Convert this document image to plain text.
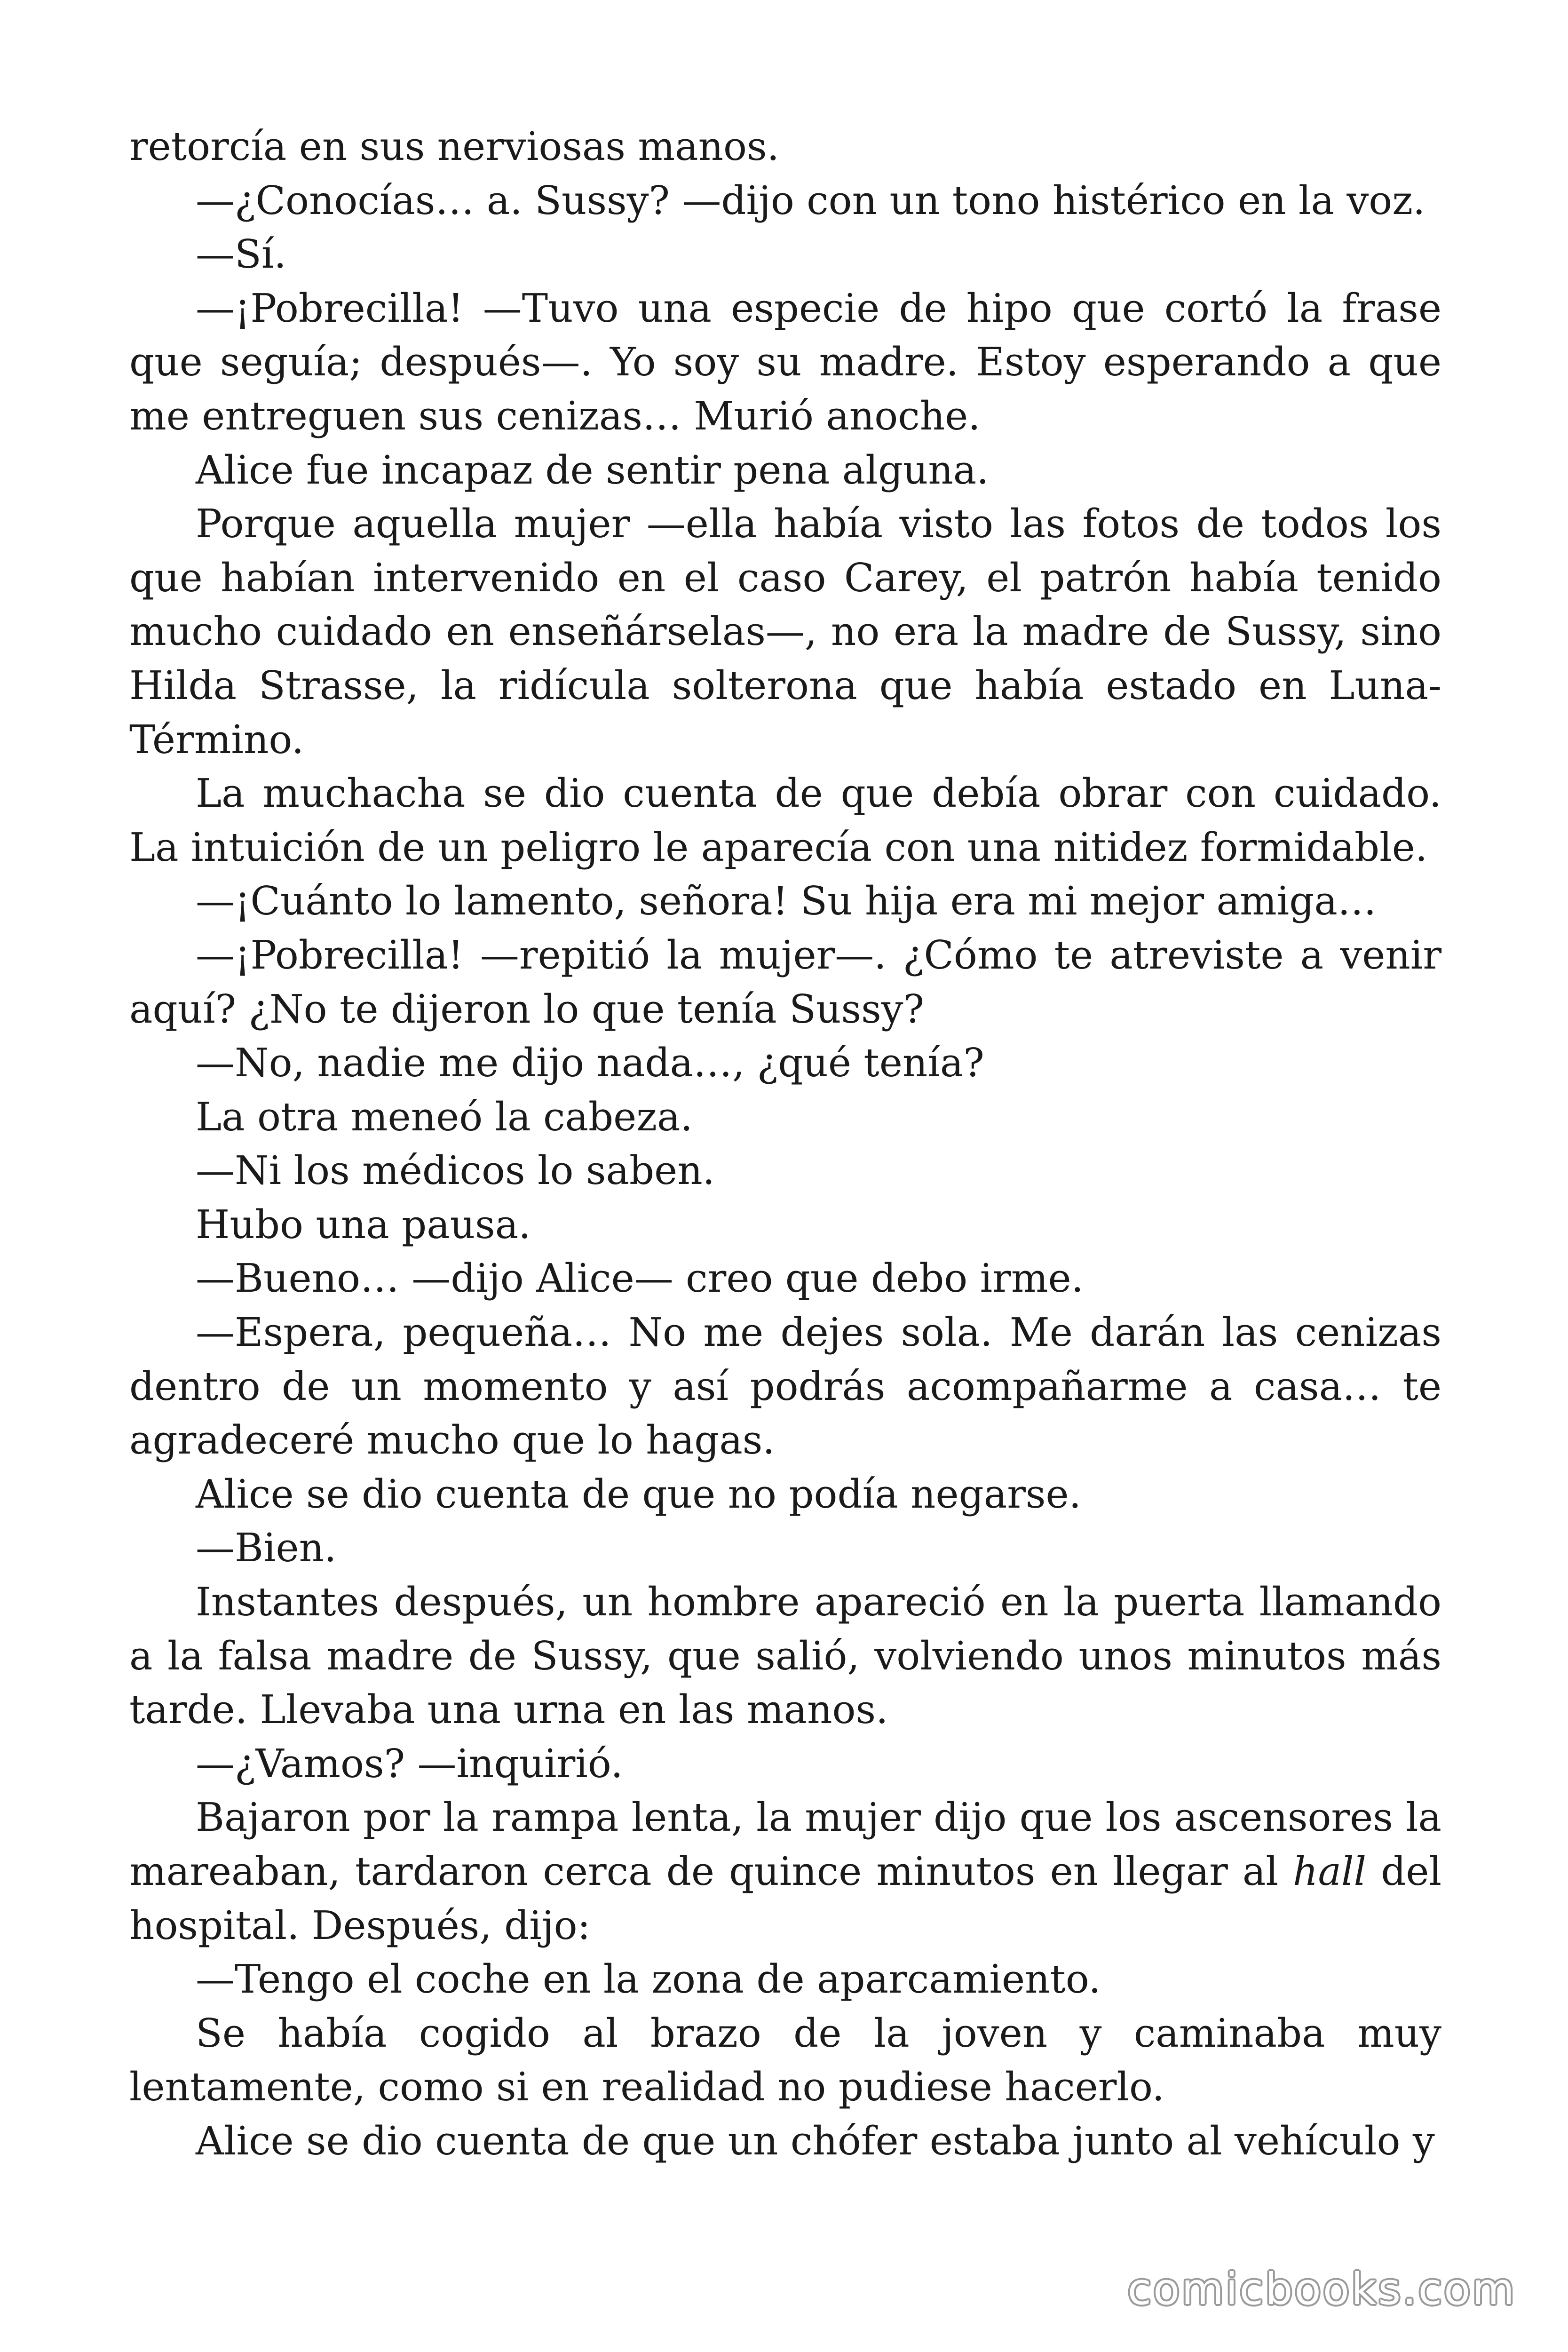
retorcía en sus nerviosas manos.

—¿Conocías… a. Sussy? —dijo con un tono histérico en la voz.

—Sí.

—¡Pobrecilla! —Tuvo una especie de hipo que cortó la frase que seguía; después—. Yo soy su madre. Estoy esperando a que me entreguen sus cenizas… Murió anoche.

Alice fue incapaz de sentir pena alguna.

Porque aquella mujer —ella había visto las fotos de todos los que habían intervenido en el caso Carey, el patrón había tenido mucho cuidado en enseñárselas—, no era la madre de Sussy, sino Hilda Strasse, la ridícula solterona que había estado en Luna-Término.

La muchacha se dio cuenta de que debía obrar con cuidado. La intuición de un peligro le aparecía con una nitidez formidable.

—¡Cuánto lo lamento, señora! Su hija era mi mejor amiga…

—¡Pobrecilla! —repitió la mujer—. ¿Cómo te atreviste a venir aquí? ¿No te dijeron lo que tenía Sussy?

—No, nadie me dijo nada…, ¿qué tenía?

La otra meneó la cabeza.

—Ni los médicos lo saben.

Hubo una pausa.

—Bueno… —dijo Alice— creo que debo irme.

—Espera, pequeña… No me dejes sola. Me darán las cenizas dentro de un momento y así podrás acompañarme a casa… te agradeceré mucho que lo hagas.

Alice se dio cuenta de que no podía negarse.

—Bien.

Instantes después, un hombre apareció en la puerta llamando a la falsa madre de Sussy, que salió, volviendo unos minutos más tarde. Llevaba una urna en las manos.

—¿Vamos? —inquirió.

Bajaron por la rampa lenta, la mujer dijo que los ascensores la mareaban, tardaron cerca de quince minutos en llegar al hall del hospital. Después, dijo:

—Tengo el coche en la zona de aparcamiento.

Se había cogido al brazo de la joven y caminaba muy lentamente, como si en realidad no pudiese hacerlo.

Alice se dio cuenta de que un chófer estaba junto al vehículo y

comicbooks.com
